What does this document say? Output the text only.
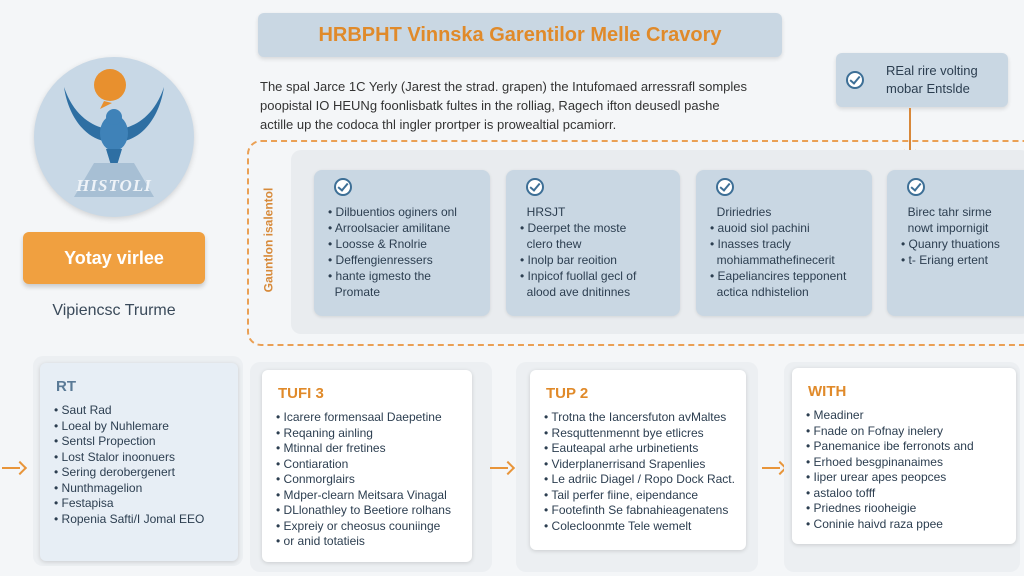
HRBPHT Vinnska Garentilor Melle Cravory
HISTOLI
Yotay virlee
Vipiencsc Trurme
The spal Jarce 1C Yerly (Jarest the strad. grapen) the Intufomaed arressrafl somples
poopistal IO HEUNg foonlisbatk fultes in the rolliag, Ragech ifton deusedl pashe
actille up the codoca thl ingler prortper is prowealtial pcamiorr.
REal rire volting
mobar Entslde
Gauntlon isalentol	• Dilbuentios oginers onl
• Arroolsacier amilitane
• Loosse & Rnolrie
• Deffengienressers
• hante igmesto the
Promate
HRSJT
• Deerpet the moste
clero thew
• Inolp bar reoition
• Inpicof fuollal gecl of
alood ave dnitinnes
Dririedries
• auoid siol pachini
• Inasses tracly
mohiammathefinecerit
• Eapeliancires tepponent
actica ndhistelion
Birec tahr sirme
nowt impornigit
• Quanry thuations
• t- Eriang ertent
RT
• Saut Rad
• Loeal by Nuhlemare
• Sentsl Propection
• Lost Stalor inoonuers
• Sering derobergenert
• Nunthmagelion
• Festapisa
• Ropenia Safti/I Jomal EEO
TUFI 3
• Icarere formensaal Daepetine
• Reqaning ainling
• Mtinnal der fretines
• Contiaration
• Conmorglairs
• Mdper-clearn Meitsara Vinagal
• DLlonathley to Beetiore rolhans
• Expreiy or cheosus couniinge
• or anid totatieis
TUP 2
• Trotna the Iancersfuton avMaltes
• Resquttenmennt bye etlicres
• Eauteapal arhe urbinetients
• Viderplanerrisand Srapenlies
• Le adriic Diagel / Ropo Dock Ract.
• Tail perfer fiine, eipendance
• Footefinth Se fabnahieagenatens
• Colecloonmte Tele wemelt
WITH
• Meadiner
• Fnade on Fofnay inelery
• Panemanice ibe ferronots and
• Erhoed besgpinanaimes
• Iiper urear apes peopces
• astaloo tofff
• Priednes riooheigie
• Coninie haivd raza ppee
